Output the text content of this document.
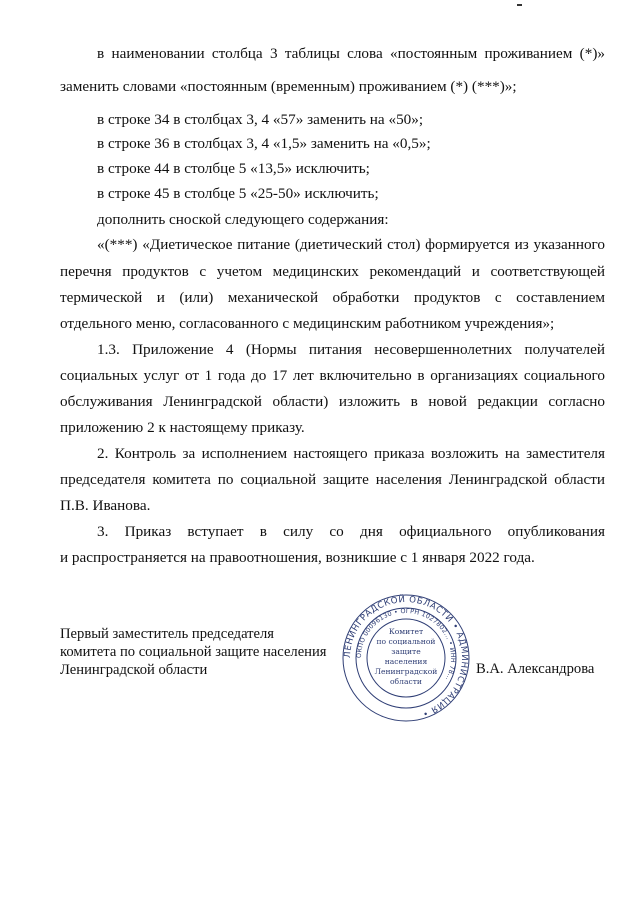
в наименовании столбца 3 таблицы слова «постоянным проживанием (*)»
заменить словами «постоянным (временным) проживанием (*) (***)»;
в строке 34 в столбцах 3, 4 «57» заменить на «50»;
в строке 36 в столбцах 3, 4 «1,5» заменить на «0,5»;
в строке 44 в столбце 5 «13,5» исключить;
в строке 45 в столбце 5 «25-50» исключить;
дополнить сноской следующего содержания:
«(***) «Диетическое питание (диетический стол) формируется из указанного
перечня продуктов с учетом медицинских рекомендаций и соответствующей
термической и (или) механической обработки продуктов с составлением
отдельного меню, согласованного с медицинским работником учреждения»;
1.3. Приложение 4 (Нормы питания несовершеннолетних получателей
социальных услуг от 1 года до 17 лет включительно в организациях социального
обслуживания Ленинградской области) изложить в новой редакции согласно
приложению 2 к настоящему приказу.
2. Контроль за исполнением настоящего приказа возложить на заместителя
председателя комитета по социальной защите населения Ленинградской области
П.В. Иванова.
3. Приказ вступает в силу со дня официального опубликования
и распространяется на правоотношения, возникшие с 1 января 2022 года.
Первый заместитель председателя
комитета по социальной защите населения
Ленинградской области	В.А. Александрова
ЛЕНИНГРАДСКОЙ ОБЛАСТИ • АДМИНИСТРАЦИЯ •
ОКПО 00096130 • ОГРН 1027802... • ИНН 78...
Комитет
по социальной
защите
населения
Ленинградской
области
